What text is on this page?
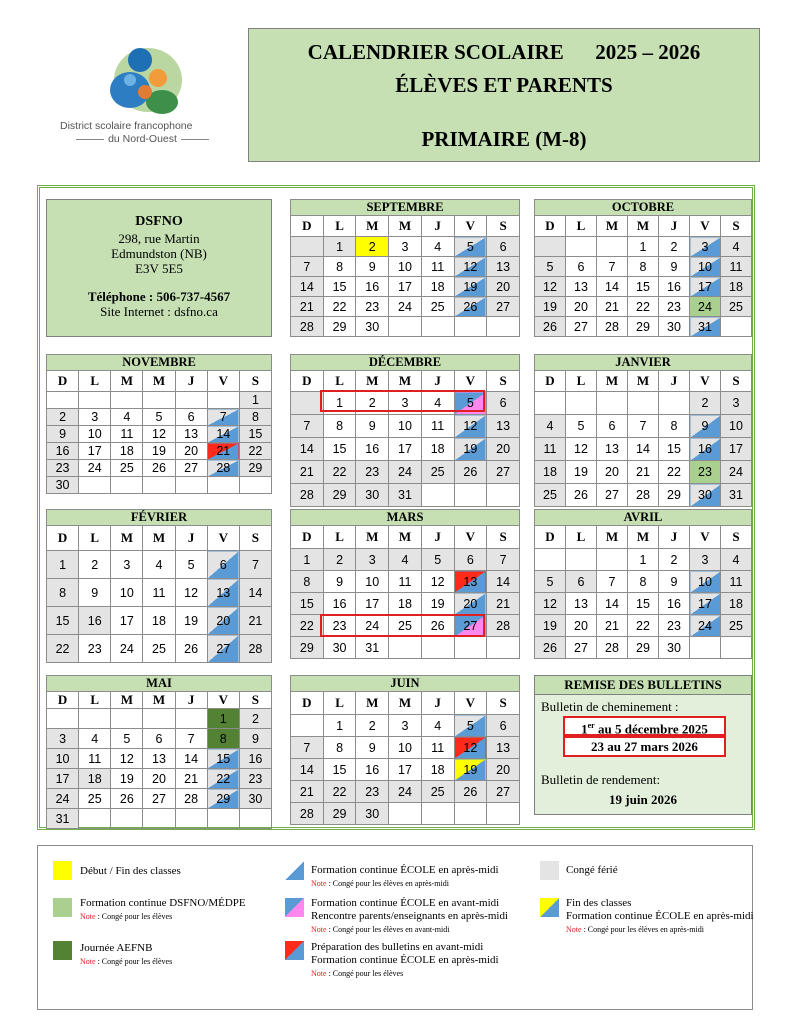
District scolaire francophone
du Nord-Ouest
CALENDRIER SCOLAIRE      2025 – 2026
ÉLÈVES ET PARENTS
PRIMAIRE (M-8)
DSFNO
298, rue Martin
Edmundston (NB)
E3V 5E5
Téléphone : 506-737-4567
Site Internet : dsfno.ca
SEPTEMBRE						
D	L	M	M	J	V	S
	1	2	3	4	5	6
7	8	9	10	11	12	13
14	15	16	17	18	19	20
21	22	23	24	25	26	27
28	29	30				
OCTOBRE						
D	L	M	M	J	V	S
			1	2	3	4
5	6	7	8	9	10	11
12	13	14	15	16	17	18
19	20	21	22	23	24	25
26	27	28	29	30	31	
NOVEMBRE						
D	L	M	M	J	V	S
						1
2	3	4	5	6	7	8
9	10	11	12	13	14	15
16	17	18	19	20	21	22
23	24	25	26	27	28	29
30						
DÉCEMBRE						
D	L	M	M	J	V	S
	1	2	3	4	5	6
7	8	9	10	11	12	13
14	15	16	17	18	19	20
21	22	23	24	25	26	27
28	29	30	31			
JANVIER						
D	L	M	M	J	V	S
					2	3
4	5	6	7	8	9	10
11	12	13	14	15	16	17
18	19	20	21	22	23	24
25	26	27	28	29	30	31
FÉVRIER						
D	L	M	M	J	V	S
1	2	3	4	5	6	7
8	9	10	11	12	13	14
15	16	17	18	19	20	21
22	23	24	25	26	27	28
MARS						
D	L	M	M	J	V	S
1	2	3	4	5	6	7
8	9	10	11	12	13	14
15	16	17	18	19	20	21
22	23	24	25	26	27	28
29	30	31				
AVRIL						
D	L	M	M	J	V	S
			1	2	3	4
5	6	7	8	9	10	11
12	13	14	15	16	17	18
19	20	21	22	23	24	25
26	27	28	29	30		
MAI						
D	L	M	M	J	V	S
					1	2
3	4	5	6	7	8	9
10	11	12	13	14	15	16
17	18	19	20	21	22	23
24	25	26	27	28	29	30
31						
JUIN						
D	L	M	M	J	V	S
	1	2	3	4	5	6
7	8	9	10	11	12	13
14	15	16	17	18	19	20
21	22	23	24	25	26	27
28	29	30				
REMISE DES BULLETINS
Bulletin de cheminement :
1er au 5 décembre 2025
23 au 27 mars 2026
Bulletin de rendement:
19 juin 2026
Début / Fin des classes
Formation continue DSFNO/MÉDPE
Note : Congé pour les élèves
Journée AEFNB
Note : Congé pour les élèves
Formation continue ÉCOLE en après-midi
Note : Congé pour les élèves en après-midi
Formation continue ÉCOLE en avant-midi
Rencontre parents/enseignants en après-midi
Note : Congé pour les élèves en avant-midi
Préparation des bulletins en avant-midi
Formation continue ÉCOLE en après-midi
Note : Congé pour les élèves
Congé férié
Fin des classes
Formation continue ÉCOLE en après-midi
Note : Congé pour les élèves en après-midi
